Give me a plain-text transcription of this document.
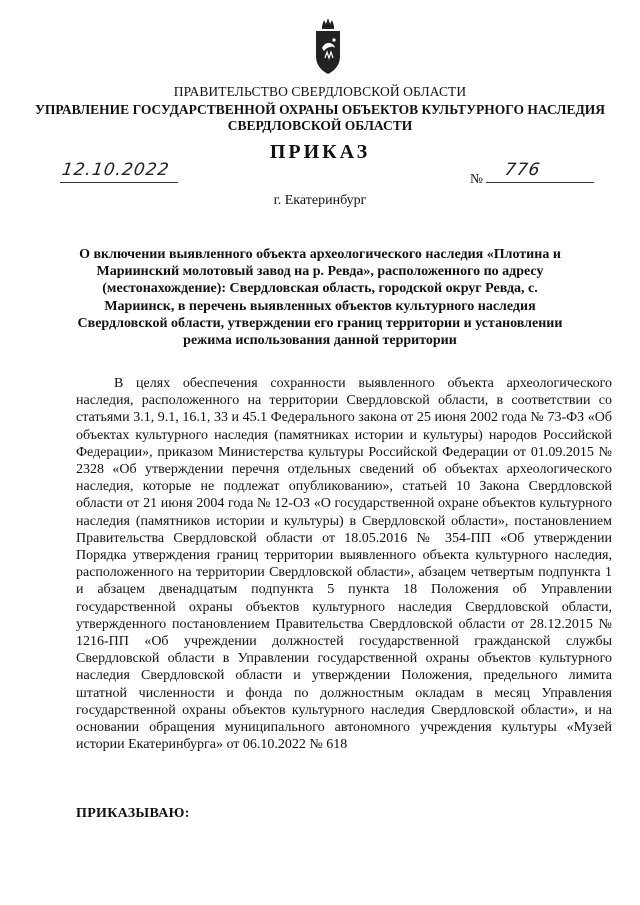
ПРАВИТЕЛЬСТВО СВЕРДЛОВСКОЙ ОБЛАСТИ
УПРАВЛЕНИЕ ГОСУДАРСТВЕННОЙ ОХРАНЫ ОБЪЕКТОВ КУЛЬТУРНОГО НАСЛЕДИЯ
СВЕРДЛОВСКОЙ ОБЛАСТИ
ПРИКАЗ
12.10.2022	№ 776
г. Екатеринбург
О включении выявленного объекта археологического наследия «Плотина и Мариинский молотовый завод на р. Ревда», расположенного по адресу (местонахождение): Свердловская область, городской округ Ревда, с. Мариинск, в перечень выявленных объектов культурного наследия Свердловской области, утверждении его границ территории и установлении режима использования данной территории

В целях обеспечения сохранности выявленного объекта археологического наследия, расположенного на территории Свердловской области, в соответствии со статьями 3.1, 9.1, 16.1, 33 и 45.1 Федерального закона от 25 июня 2002 года № 73-ФЗ «Об объектах культурного наследия (памятниках истории и культуры) народов Российской Федерации», приказом Министерства культуры Российской Федерации от 01.09.2015 № 2328 «Об утверждении перечня отдельных сведений об объектах археологического наследия, которые не подлежат опубликованию», статьей 10 Закона Свердловской области от 21 июня 2004 года № 12-ОЗ «О государственной охране объектов культурного наследия (памятников истории и культуры) в Свердловской области», постановлением Правительства Свердловской области от 18.05.2016 № 354-ПП «Об утверждении Порядка утверждения границ территории выявленного объекта культурного наследия, расположенного на территории Свердловской области», абзацем четвертым подпункта 1 и абзацем двенадцатым подпункта 5 пункта 18 Положения об Управлении государственной охраны объектов культурного наследия Свердловской области, утвержденного постановлением Правительства Свердловской области от 28.12.2015 № 1216-ПП «Об учреждении должностей государственной гражданской службы Свердловской области в Управлении государственной охраны объектов культурного наследия Свердловской области и утверждении Положения, предельного лимита штатной численности и фонда по должностным окладам в месяц Управления государственной охраны объектов культурного наследия Свердловской области», и на основании обращения муниципального автономного учреждения культуры «Музей истории Екатеринбурга» от 06.10.2022 № 618

ПРИКАЗЫВАЮ:
